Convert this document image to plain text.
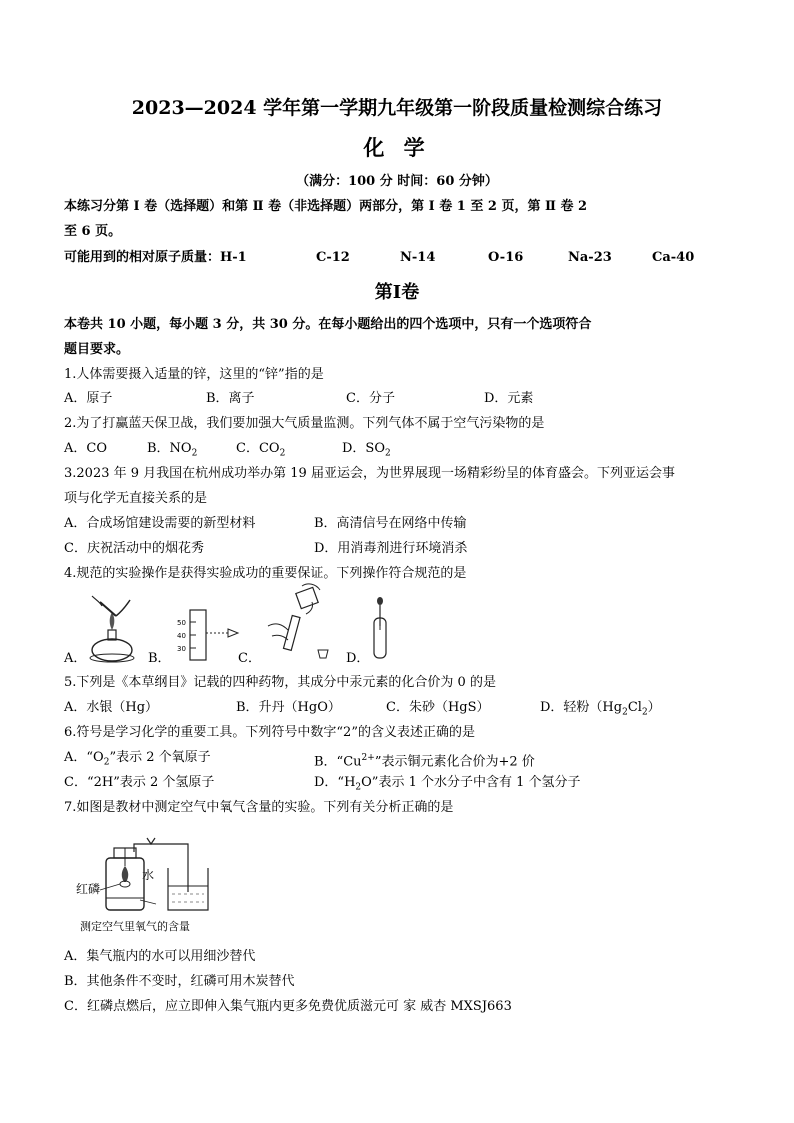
2023—2024 学年第一学期九年级第一阶段质量检测综合练习
化 学
（满分：100 分 时间：60 分钟）
本练习分第 Ⅰ 卷（选择题）和第 Ⅱ 卷（非选择题）两部分，第 Ⅰ 卷 1 至 2 页，第 Ⅱ 卷 2
至 6 页。
可能用到的相对原子质量：H-1	C-12	N-14	O-16	Na-23	Ca-40
第Ⅰ卷
本卷共 10 小题，每小题 3 分，共 30 分。在每小题给出的四个选项中，只有一个选项符合
题目要求。
1.人体需要摄入适量的锌，这里的“锌”指的是
A．原子	B．离子	C．分子	D．元素
2.为了打赢蓝天保卫战，我们要加强大气质量监测。下列气体不属于空气污染物的是
A．CO	B．$NO_2$	C．$CO_2$	D．$SO_2$
3.2023 年 9 月我国在杭州成功举办第 19 届亚运会，为世界展现一场精彩纷呈的体育盛会。下列亚运会事
项与化学无直接关系的是
A．合成场馆建设需要的新型材料	B．高清信号在网络中传输
C．庆祝活动中的烟花秀	D．用消毒剂进行环境消杀
4.规范的实验操作是获得实验成功的重要保证。下列操作符合规范的是
A．	B．
50
40
30
C．	D．
5.下列是《本草纲目》记载的四种药物，其成分中汞元素的化合价为 0 的是
A．水银（Hg）	B．升丹（HgO）	C．朱砂（HgS）	D．轻粉$(Hg_2Cl_2)$
6.符号是学习化学的重要工具。下列符号中数字“2”的含义表述正确的是
A．“$O_2$”表示 2 个氧原子	B．“$Cu^{2+}$”表示铜元素化合价为+2 价
C．“2H”表示 2 个氢原子	D．“$H_2O$”表示 1 个水分子中含有 1 个氢分子
7.如图是教材中测定空气中氧气含量的实验。下列有关分析正确的是
红磷
水
测定空气里氧气的含量
A．集气瓶内的水可以用细沙替代
B．其他条件不变时，红磷可用木炭替代
C．红磷点燃后，应立即伸入集气瓶内更多免费优质滋元可 家 威杏 MXSJ663
